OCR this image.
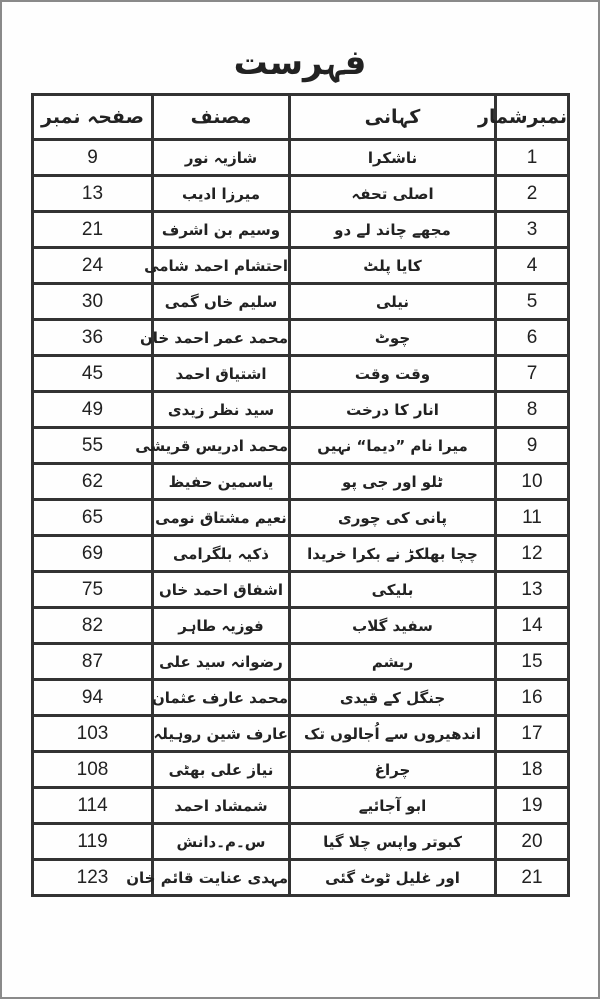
فہرست
نمبرشمار	کہانی	مصنف	صفحہ نمبر
1	ناشکرا	شازیہ نور	9
2	اصلی تحفہ	میرزا ادیب	13
3	مجھے چاند لے دو	وسیم بن اشرف	21
4	کایا پلٹ	احتشام احمد شامی	24
5	نیلی	سلیم خاں گمی	30
6	چوٹ	محمد عمر احمد خان	36
7	وقت وقت	اشتیاق احمد	45
8	انار کا درخت	سید نظر زیدی	49
9	میرا نام ”دیما“ نہیں	محمد ادریس قریشی	55
10	ٹلو اور جی پو	یاسمین حفیظ	62
11	پانی کی چوری	نعیم مشتاق نومی	65
12	چچا بھلکڑ نے بکرا خریدا	ذکیہ بلگرامی	69
13	بلیکی	اشفاق احمد خاں	75
14	سفید گلاب	فوزیہ طاہر	82
15	ریشم	رضوانہ سید علی	87
16	جنگل کے قیدی	محمد عارف عثمان	94
17	اندھیروں سے اُجالوں تک	عارف شین روہیلہ	103
18	چراغ	نیاز علی بھٹی	108
19	ابو آجائیے	شمشاد احمد	114
20	کبوتر واپس چلا گیا	س۔م۔دانش	119
21	اور غلیل ٹوٹ گئی	مہدی عنایت قائم خان	123
